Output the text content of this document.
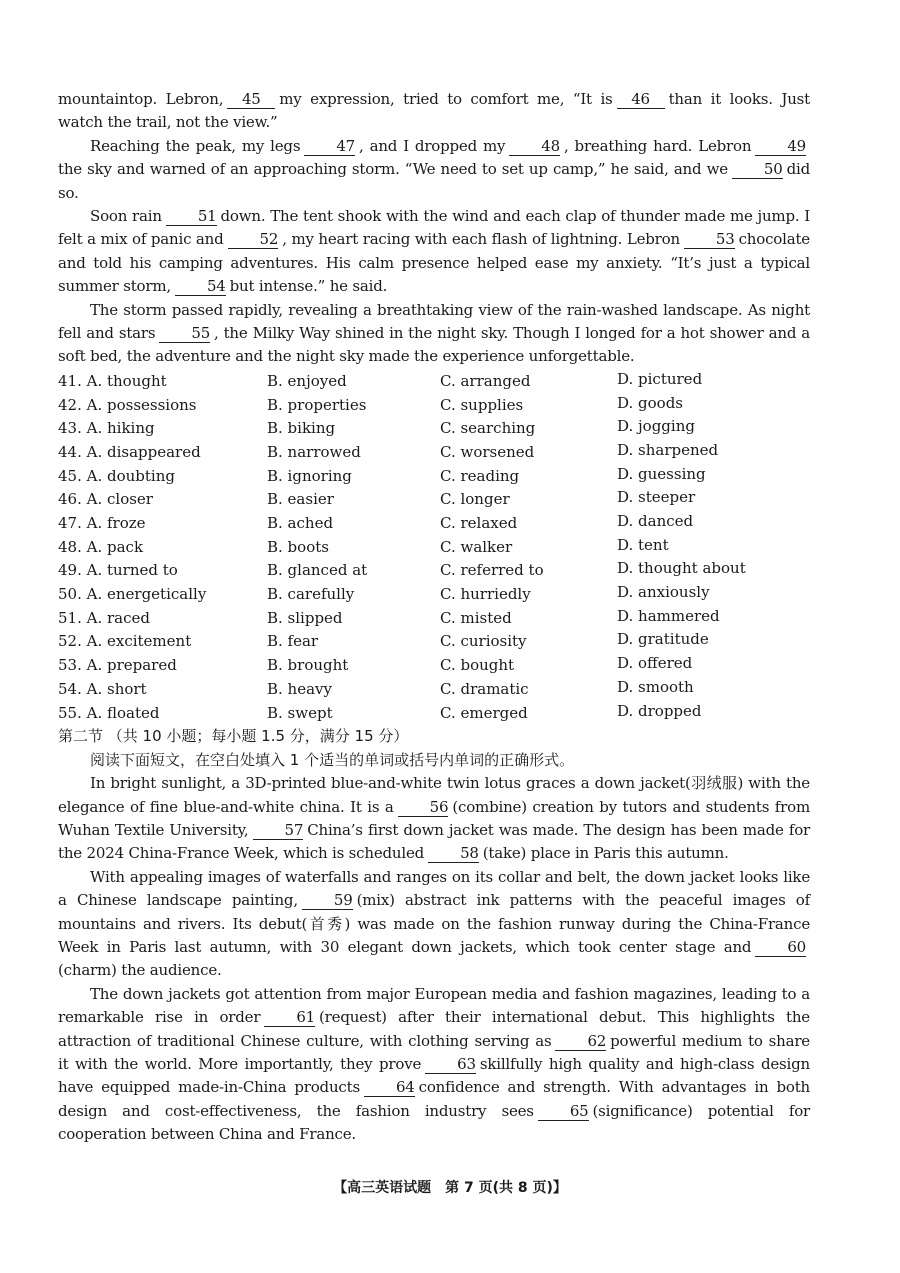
mountaintop. Lebron, 45 my expression, tried to comfort me, “It is 46 than it looks. Just watch the trail, not the view.”

Reaching the peak, my legs 47 , and I dropped my 48 , breathing hard. Lebron 49the sky and warned of an approaching storm. “We need to set up camp,” he said, and we 50 did so.

Soon rain 51 down. The tent shook with the wind and each clap of thunder made me jump. I felt a mix of panic and 52 , my heart racing with each flash of lightning. Lebron 53 chocolate and told his camping adventures. His calm presence helped ease my anxiety. “It’s just a typical summer storm, 54 but intense.” he said.

The storm passed rapidly, revealing a breathtaking view of the rain-washed landscape. As night fell and stars 55 , the Milky Way shined in the night sky. Though I longed for a hot shower and a soft bed, the adventure and the night sky made the experience unforgettable.

41. A. thought	B. enjoyed	C. arranged	D. pictured
42. A. possessions	B. properties	C. supplies	D. goods
43. A. hiking	B. biking	C. searching	D. jogging
44. A. disappeared	B. narrowed	C. worsened	D. sharpened
45. A. doubting	B. ignoring	C. reading	D. guessing
46. A. closer	B. easier	C. longer	D. steeper
47. A. froze	B. ached	C. relaxed	D. danced
48. A. pack	B. boots	C. walker	D. tent
49. A. turned to	B. glanced at	C. referred to	D. thought about
50. A. energetically	B. carefully	C. hurriedly	D. anxiously
51. A. raced	B. slipped	C. misted	D. hammered
52. A. excitement	B. fear	C. curiosity	D. gratitude
53. A. prepared	B. brought	C. bought	D. offered
54. A. short	B. heavy	C. dramatic	D. smooth
55. A. floated	B. swept	C. emerged	D. dropped

第二节 （共 10 小题；每小题 1.5 分，满分 15 分）

阅读下面短文，在空白处填入 1 个适当的单词或括号内单词的正确形式。

In bright sunlight, a 3D-printed blue-and-white twin lotus graces a down jacket(羽绒服) with the elegance of fine blue-and-white china. It is a 56 (combine) creation by tutors and students from Wuhan Textile University, 57 China’s first down jacket was made. The design has been made for the 2024 China-France Week, which is scheduled 58 (take) place in Paris this autumn.

With appealing images of waterfalls and ranges on its collar and belt, the down jacket looks like a Chinese landscape painting, 59 (mix) abstract ink patterns with the peaceful images of mountains and rivers. Its debut(首秀) was made on the fashion runway during the China-France Week in Paris last autumn, with 30 elegant down jackets, which took center stage and 60(charm) the audience.

The down jackets got attention from major European media and fashion magazines, leading to a remarkable rise in order 61 (request) after their international debut. This highlights the attraction of traditional Chinese culture, with clothing serving as 62 powerful medium to share it with the world. More importantly, they prove 63 skillfully high quality and high-class design have equipped made-in-China products 64 confidence and strength. With advantages in both design and cost-effectiveness, the fashion industry sees 65 (significance) potential for cooperation between China and France.

【高三英语试题　第 7 页(共 8 页)】
